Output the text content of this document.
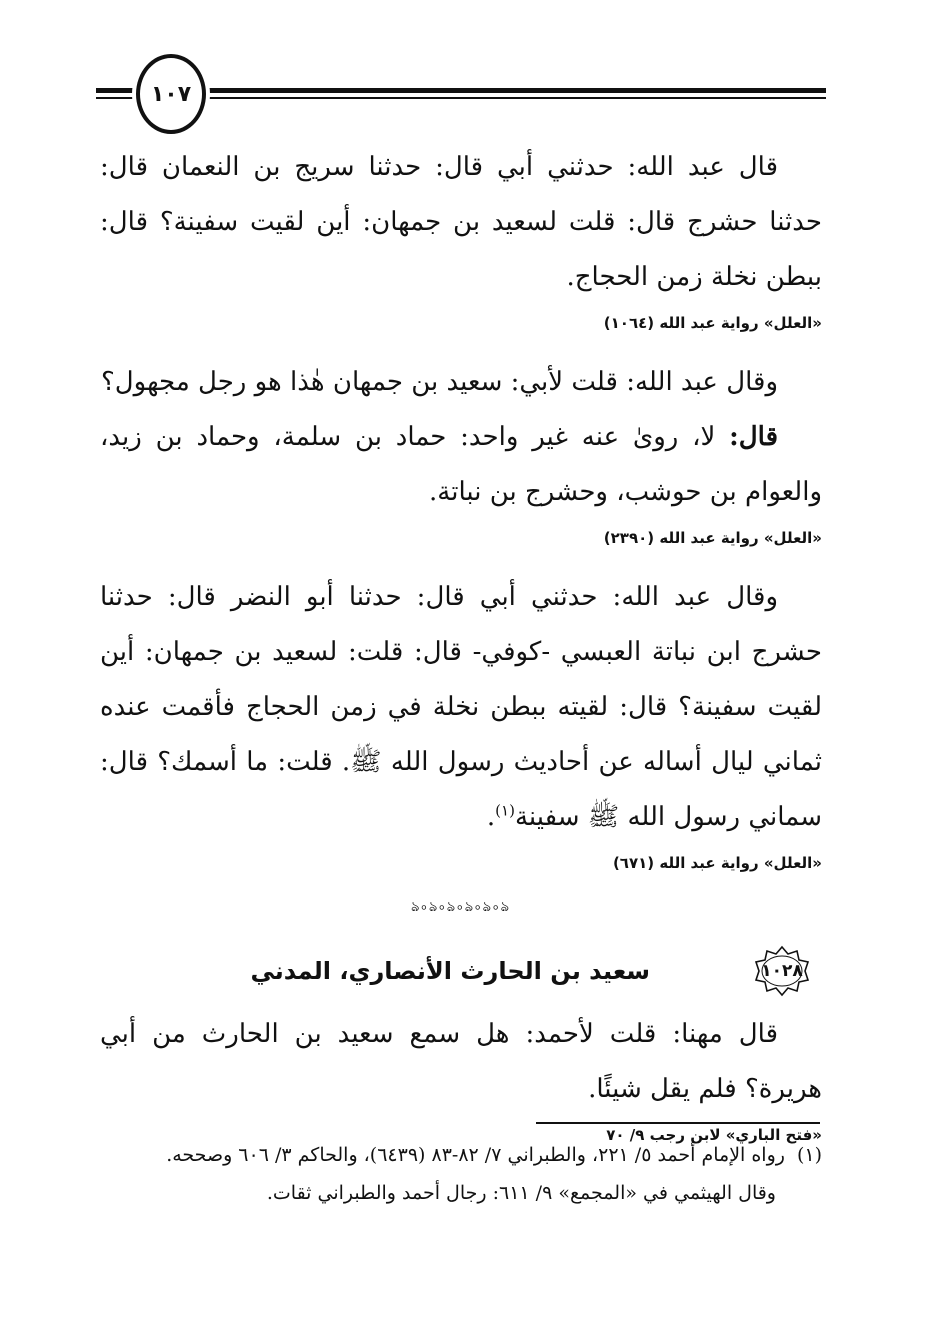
١٠٧

قال عبد الله: حدثني أبي قال: حدثنا سريج بن النعمان قال: حدثنا حشرج قال: قلت لسعيد بن جمهان: أين لقيت سفينة؟ قال: ببطن نخلة زمن الحجاج.

«العلل» رواية عبد الله (١٠٦٤)

وقال عبد الله: قلت لأبي: سعيد بن جمهان هٰذا هو رجل مجهول؟

قال: لا، روىٰ عنه غير واحد: حماد بن سلمة، وحماد بن زيد، والعوام بن حوشب، وحشرج بن نباتة.

«العلل» رواية عبد الله (٢٣٩٠)

وقال عبد الله: حدثني أبي قال: حدثنا أبو النضر قال: حدثنا حشرج ابن نباتة العبسي -كوفي- قال: قلت: لسعيد بن جمهان: أين لقيت سفينة؟ قال: لقيته ببطن نخلة في زمن الحجاج فأقمت عنده ثماني ليال أساله عن أحاديث رسول الله ﷺ. قلت: ما أسمك؟ قال: سماني رسول الله ﷺ سفينة$^{(١)}$.

«العلل» رواية عبد الله (٦٧١)
ঌ৹ঌ৹ঌ৹ঌ৹ঌ৹ঌ
١٠٢٨
سعيد بن الحارث الأنصاري، المدني

قال مهنا: قلت لأحمد: هل سمع سعيد بن الحارث من أبي هريرة؟ فلم يقل شيئًا.

«فتح الباري» لابن رجب ٩/ ٧٠

(١)رواه الإمام أحمد ٥/ ٢٢١، والطبراني ٧/ ٨٢-٨٣ (٦٤٣٩)، والحاكم ٣/ ٦٠٦ وصححه.

وقال الهيثمي في «المجمع» ٩/ ٦١١: رجال أحمد والطبراني ثقات.
